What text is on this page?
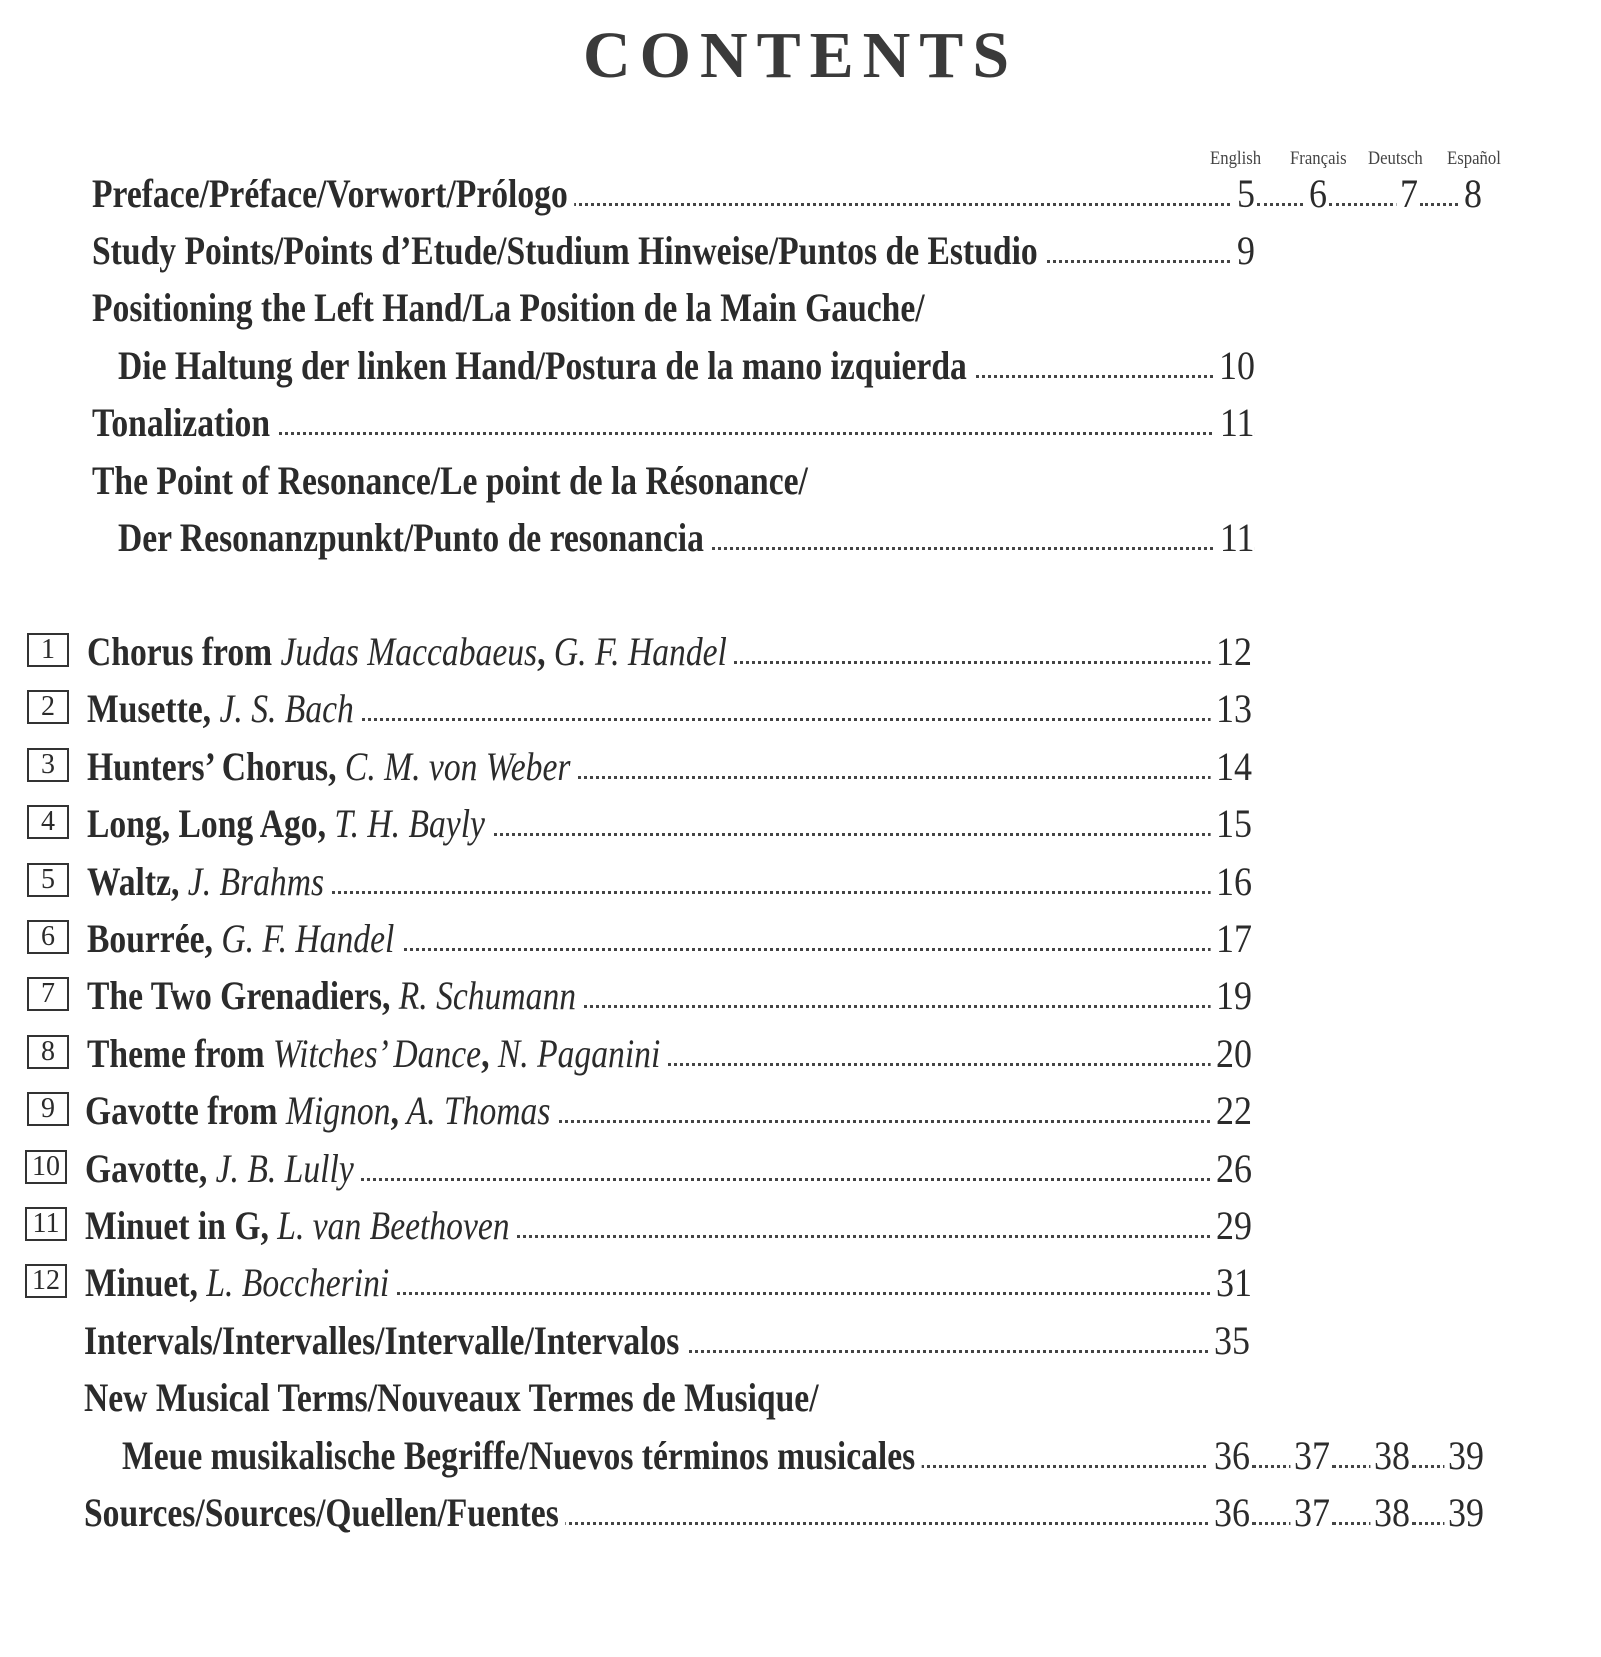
CONTENTS
English Français Deutsch Español
Preface/Préface/Vorwort/Prólogo	5 6 7 8
Study Points/Points d’Etude/Studium Hinweise/Puntos de Estudio	9
Positioning the Left Hand/La Position de la Main Gauche/
Die Haltung der linken Hand/Postura de la mano izquierda	10
Tonalization	11
The Point of Resonance/Le point de la Résonance/
Der Resonanzpunkt/Punto de resonancia	11
1 Chorus from Judas Maccabaeus, G. F. Handel	12
2 Musette, J. S. Bach	13
3 Hunters’ Chorus, C. M. von Weber	14
4 Long, Long Ago, T. H. Bayly	15
5 Waltz, J. Brahms	16
6 Bourrée, G. F. Handel	17
7 The Two Grenadiers, R. Schumann	19
8 Theme from Witches’ Dance, N. Paganini	20
9 Gavotte from Mignon, A. Thomas	22
10 Gavotte, J. B. Lully	26
11 Minuet in G, L. van Beethoven	29
12 Minuet, L. Boccherini	31
Intervals/Intervalles/Intervalle/Intervalos	35
New Musical Terms/Nouveaux Termes de Musique/
Meue musikalische Begriffe/Nuevos términos musicales	36 37 38 39
Sources/Sources/Quellen/Fuentes	36 37 38 39
